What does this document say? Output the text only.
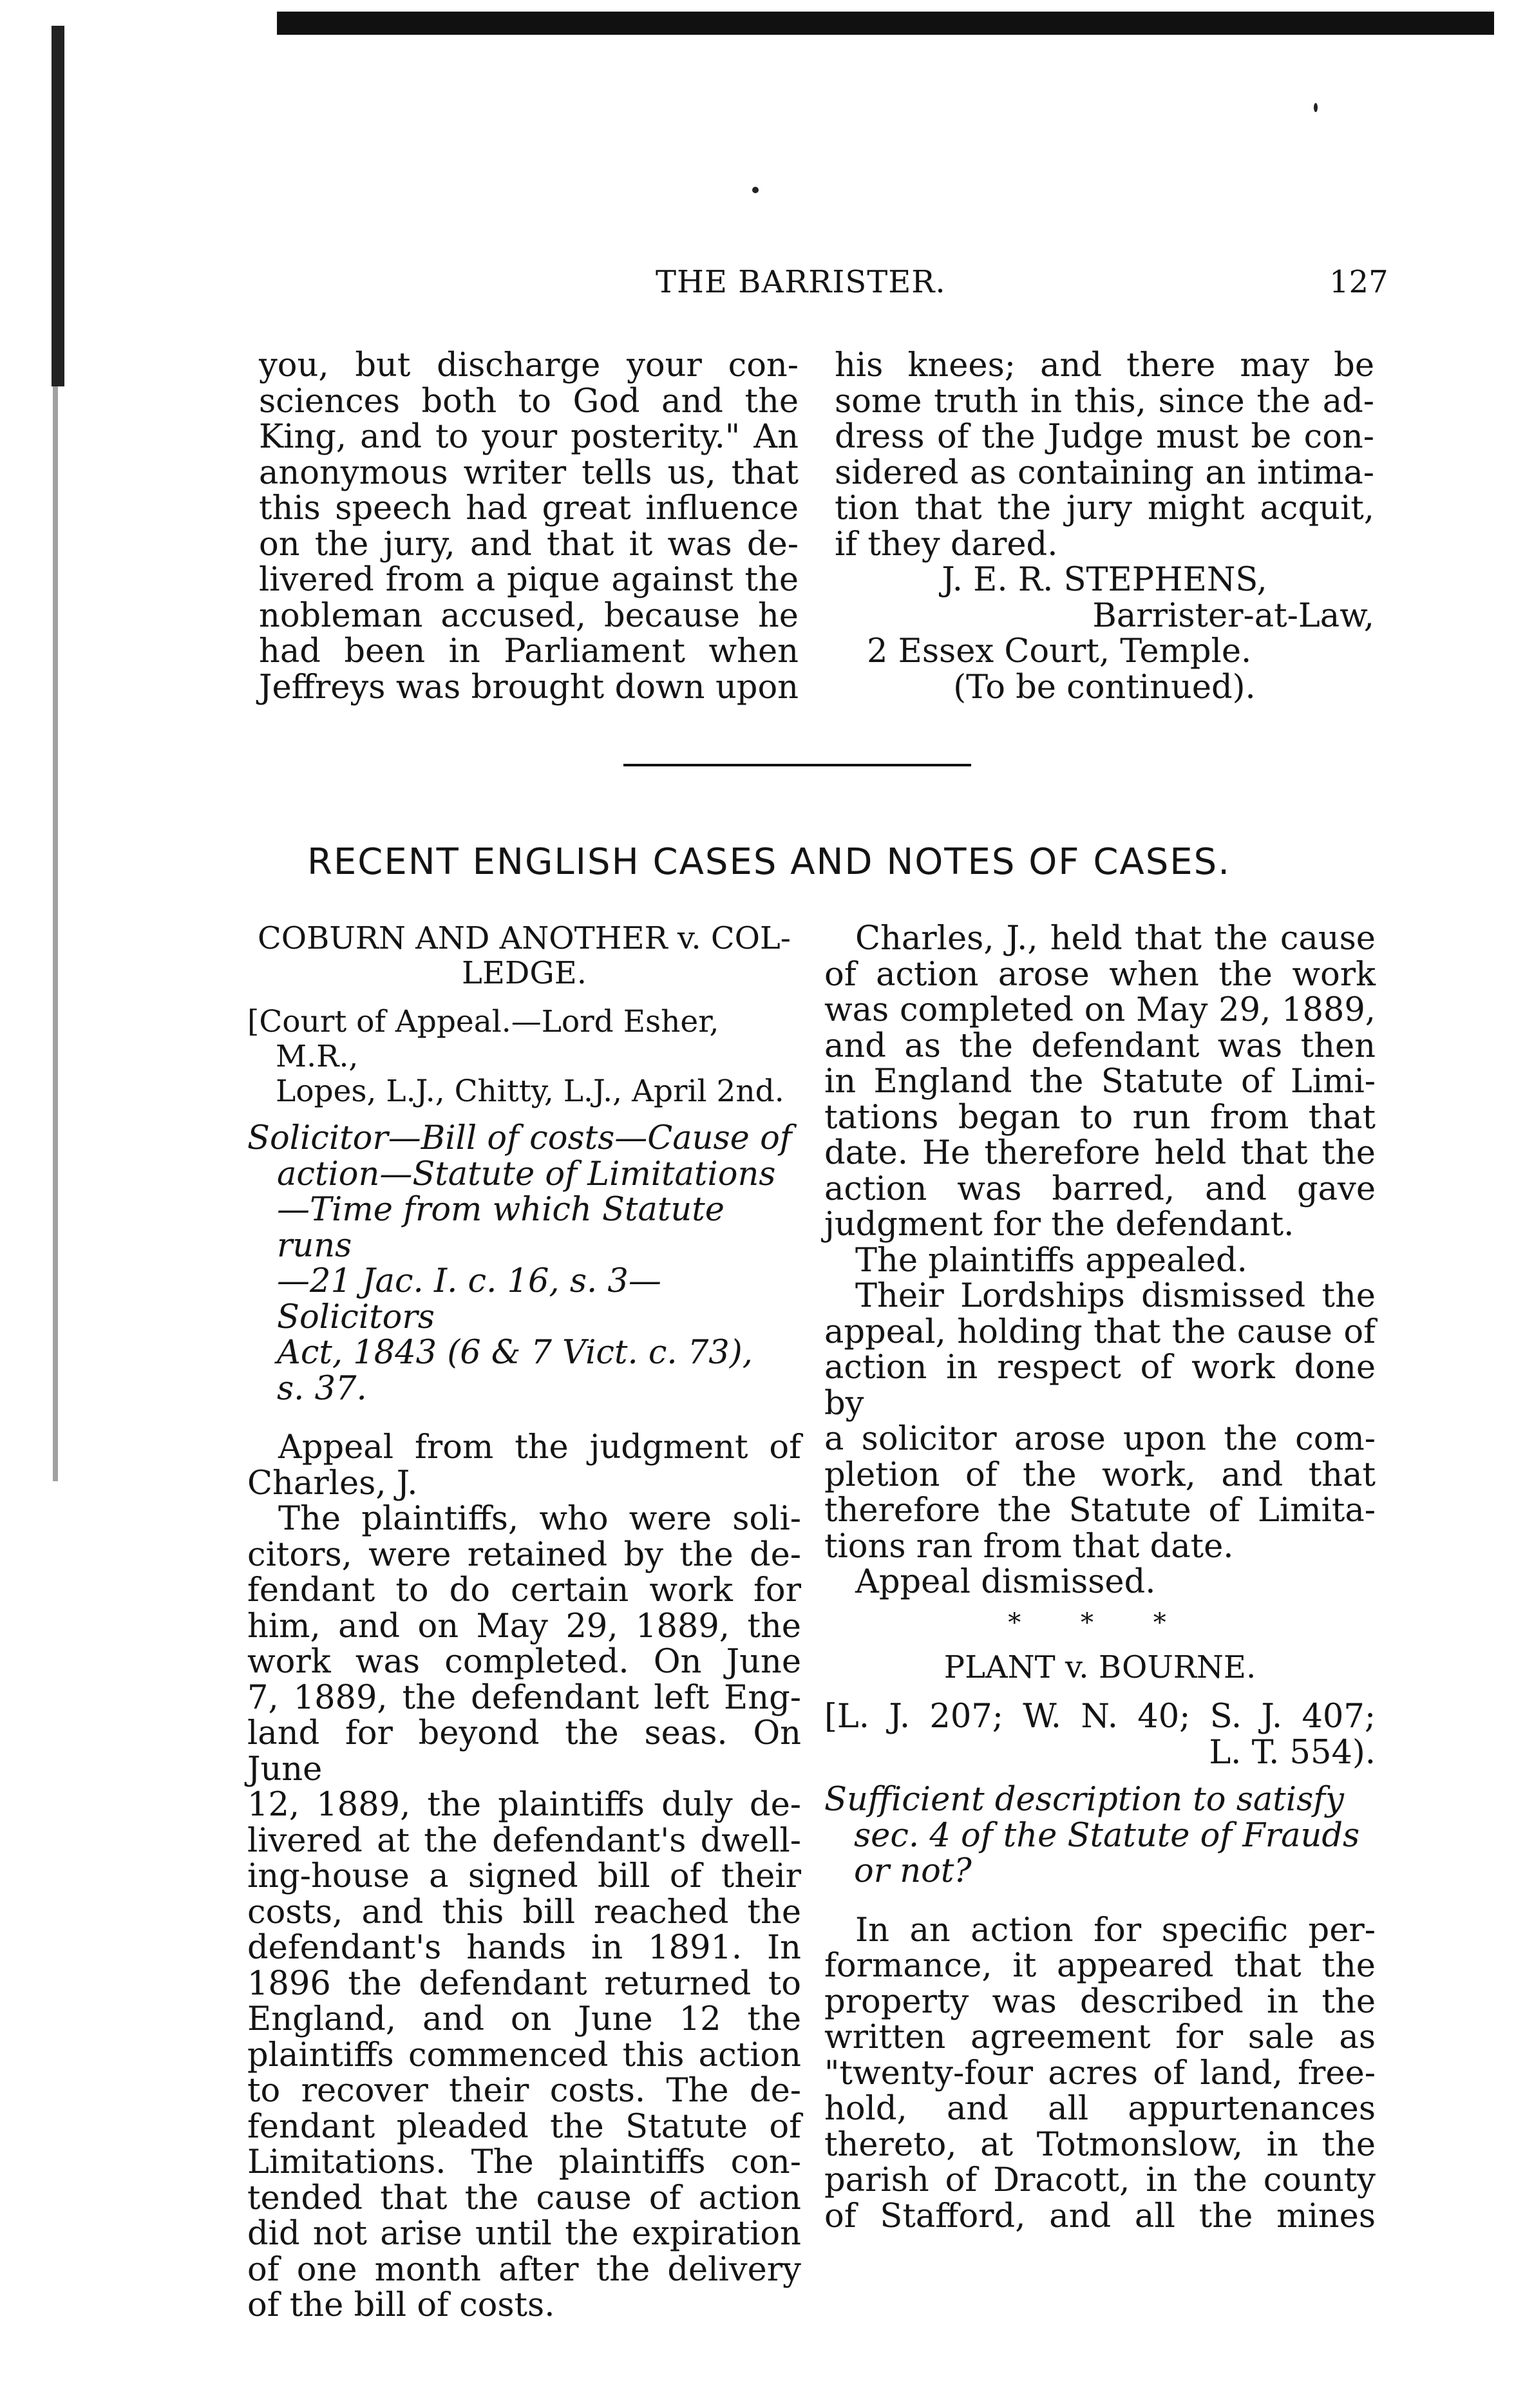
THE BARRISTER.	127

you, but discharge your con-

sciences both to God and the

King, and to your posterity." An

anonymous writer tells us, that

this speech had great influence

on the jury, and that it was de-

livered from a pique against the

nobleman accused, because he

had been in Parliament when

Jeffreys was brought down upon

his knees; and there may be

some truth in this, since the ad-

dress of the Judge must be con-

sidered as containing an intima-

tion that the jury might acquit,

if they dared.

J. E. R. STEPHENS,

Barrister-at-Law,

2 Essex Court, Temple.

(To be continued).

RECENT ENGLISH CASES AND NOTES OF CASES.

COBURN AND ANOTHER v. COL-

LEDGE.

[Court of Appeal.—Lord Esher, M.R.,
Lopes, L.J., Chitty, L.J., April 2nd.

Solicitor—Bill of costs—Cause of
action—Statute of Limitations
—Time from which Statute runs
—21 Jac. I. c. 16, s. 3—Solicitors
Act, 1843 (6 & 7 Vict. c. 73),
s. 37.

Appeal from the judgment of

Charles, J.

The plaintiffs, who were soli-

citors, were retained by the de-

fendant to do certain work for

him, and on May 29, 1889, the

work was completed. On June

7, 1889, the defendant left Eng-

land for beyond the seas. On June

12, 1889, the plaintiffs duly de-

livered at the defendant's dwell-

ing-house a signed bill of their

costs, and this bill reached the

defendant's hands in 1891. In

1896 the defendant returned to

England, and on June 12 the

plaintiffs commenced this action

to recover their costs. The de-

fendant pleaded the Statute of

Limitations. The plaintiffs con-

tended that the cause of action

did not arise until the expiration

of one month after the delivery

of the bill of costs.

Charles, J., held that the cause

of action arose when the work

was completed on May 29, 1889,

and as the defendant was then

in England the Statute of Limi-

tations began to run from that

date. He therefore held that the

action was barred, and gave

judgment for the defendant.

The plaintiffs appealed.

Their Lordships dismissed the

appeal, holding that the cause of

action in respect of work done by

a solicitor arose upon the com-

pletion of the work, and that

therefore the Statute of Limita-

tions ran from that date.

Appeal dismissed.

* * *

PLANT v. BOURNE.

[L. J. 207; W. N. 40; S. J. 407;

L. T. 554).

Sufficient description to satisfy
sec. 4 of the Statute of Frauds
or not?

In an action for specific per-

formance, it appeared that the

property was described in the

written agreement for sale as

"twenty-four acres of land, free-

hold, and all appurtenances

thereto, at Totmonslow, in the

parish of Dracott, in the county

of Stafford, and all the mines
